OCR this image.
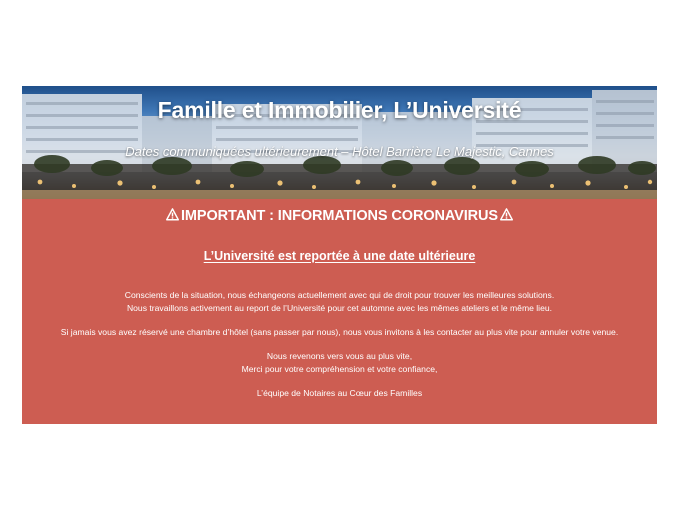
Famille et Immobilier, L’Université
Dates communiquées ultérieurement – Hôtel Barrière Le Majestic, Cannes
IMPORTANT : INFORMATIONS CORONAVIRUS
L’Université est reportée à une date ultérieure

Conscients de la situation, nous échangeons actuellement avec qui de droit pour trouver les meilleures solutions.
Nous travaillons activement au report de l’Université pour cet automne avec les mêmes ateliers et le même lieu.

Si jamais vous avez réservé une chambre d’hôtel (sans passer par nous), nous vous invitons à les contacter au plus vite pour annuler votre venue.

Nous revenons vers vous au plus vite,
Merci pour votre compréhension et votre confiance,

L’équipe de Notaires au Cœur des Familles
